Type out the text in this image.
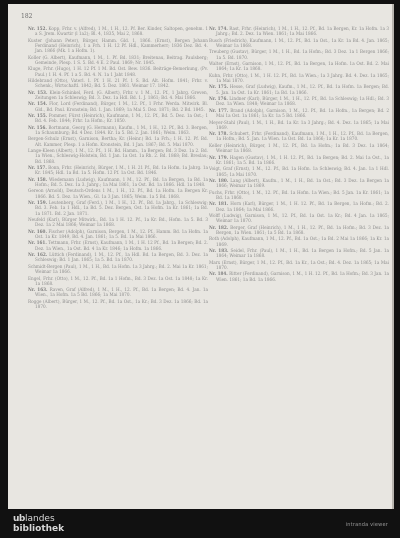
182
Nr. 152. Kopp, Frhr. v. (Alfred), 1 M., 1 H., 12. Pf. Ber. Kinder, Saltopen, genehm. 1 a S. Jrem. Kwartir (l 1a2); Bl. 4, 1835, Mai 2, 1868.
Kuster (Johann Peter), Bürger, Hamm. Gld. 1, 1866. (Ernst), Bergen Johann Ferdinand (Heinrich), 1 a Frh. 1 H. 12 Pf. Hdl., Kammerherr; 1836 Dez. Bd. 4. Jan. 1866 (Mk. 1 a Hofm. 1).
Koller (G. Albert), Kaufmann, 1 M., 1. Pf. Bd. 1831; Breitenau, Beitrag. Paulsberg; Gemeinde, Plesp. 1 S. 5. Bd. 4 E. 2 Paul. 1869; Nr. 1845.
Kluge, Frhr. (Hugo), 1 H. 12 Pf. 1 M. Bd. Ost. Bew. 1836. Beiträge-Bemerkung, (Pv. Paul.) 1 H. 4. Pf. 1 a 5. Bd. 4. N. 1a 1 Jaht 1848.
Hildebrand (Otto), Vaterl. 1. Pf. 1 H. 21 Pf. 1 S. Bd. Alt. Hofm. 1841; Frhr. v. Schenk.; Wirtschaftl. 1842; Bd. 5. Dez. 1861. Weimar 17. 1842.
Nr. 153. Klein-Schinkel, Ferd. (G. Albert), Frhr. v. 1 M., 12. Pf., 1 Jahrg. Greven, Zeitungen 1a Schleswig; Bd. 3. Dez. 1a Hdl. Bd. 1. J. 1861; Bd. 4. Mai 1866.
Nr. 154. Flor, Lord (Ferdinand), Bürger, 1 M., 12. Pf., 1 Frhr. Werda. Mitwirk. Bl. Gld., Bd. Paul. Kronstein; Bd. 1. Jan. 1869; 1a Mai 5. Dez. 1871; Bd. 2 Bd. 1845.
Nr. 155. Pommer, Fürst (Heinrich), Kaufmann, 1 M., 12. Pf., Bd. 5. Dez. 1a Ost.; 1 Bd. 4. Feb. 1844; Frhr. 1a Hofm.; Kr. 1850.
Nr. 156. Bortmann, Georg (G. Hermann), Kaufm., 1 M., 1 H., 12. Pf., Bd. 3. Bergen, 1a Schaumburg; Bd. 4 Dez. 1844. Kr. 1a 5. Bd. 2. Jan. 1861; Weim. 1863.
Bergen-Schulz (Ernst), Garnison, Bertha; Kr. (Heinr.) Bd. 1a Frh.; 1 H. 12. Pf. Bd. Alt. Kammer, Plesp. 1 a Hofm. Kronstein, Bd. 1 Jan. 1867; Bd. 5. Mai 1870.
Lange-Kleen (Albert), 1 M., 12. Pf., 1 H. Bd. Hamm., 1a Bergen; Bd. 3 Dez. 1a 2. Bd. 1a Wien., Schleswig-Holstein, Bd. 1 Jan. 1a Ost. 1a Rh. 2. Bd. 1868; Bd. Breslau; Bd. 1868.
Nr. 157. Bonn, Frhr. (Heinrich), Bürger, 1 M., 1 H. 21 Pf., Bd. 1a Hofm. 1a Jahrg. 1a Kr. 1845; Hdl. 1a Bd. 1a 5. Hofm. 12 Pf. 1a Ost. Bd. 1846.
Nr. 158. Wiedemann (Ludwig), Kaufmann, 1 M., 12. Pf., Bd. 1a Bergen, 1a Bd. 1a Hofm.; Bd. 5. Dez. 1a 3. Jahrg.; 1a Mai 1861, 1a Ost. Bd. 1a 1866. Hdl. 1a 1848.
Gereon (Arnold), Deutsch-Ordens 1 M., 1 H., 12. Pf., Bd. 1a Hofm. 1a Bergen Kr. 1866. Bd. 5. Dez. 1a Wien., Gl. 1a 3 Jan. 1865; Weim. 1a 5 Bd. 1868.
Nr. 159. Leutenberg, Graf (Ferd.), 1 M., 1 H., 12. Pf., Bd. 1a Jahrg., 1a Schleswig; Bd. 3. Feb. 1a 1 Hdl., 1a Bd. 5. Dez. Bergen, Ost. 1a Hofm. 1a Kr. 1861; 1a Bd. 1a 1871. Bd. 2 Jan. 1871.
Neufeld (Karl), Bürger Mitwirk., Bd. 1a 1 H. 12. Pf., 1a Kr. Bd., Hofm. 1a 5. Bd. 3 Dez. 1a 2 Mai 1866; Weimar 1a 1868.
Nr. 160. Fischer (Adolph), Garnison, Bergen, 1 M., 12. Pf., Hamm. Bd. 1a Hofm. 1a Ost. 1a Kr. 1849, Bd. 4. Jan. 1861; 1a 5. Bd. 1a Mai 1866.
Nr. 161. Tettmann, Frhr. (Ernst), Kaufmann, 1 M., 1 H. 12 Pf., Bd. 1a Bergen; Bd. 2. Dez. 1a Wien., 1a Ost. Bd. 4 1a Kr. 1846; 1a Hofm. 1a 1866.
Nr. 162. Lüttich (Ferdinand), 1 M., 12. Pf., 1a Hdl. Bd. 1a Bergen, Bd. 3. Dez. 1a Schleswig; Bd. 1 Jan. 1865; 1a 5. Bd. 1a 1870.
Schmidt-Bergen (Paul), 1 M., 1 H., Bd. 1a Hofm. 1a 3 Jahrg.; Bd. 2. Mai 1a Kr. 1861; Weimar 1a 1866.
Engel, Frhr. (Otto), 1 M., 12. Pf., Bd. 1a 1 Hofm., Bd. 3 Dez. 1a Ost. 1a 1848; 1a Kr. 1a 1868.
Nr. 163. Raven, Graf (Alfred), 1 M., 1 H., 12. Pf., Bd. 1a Bergen; Bd. 4. Jan. 1a Wien., 1a Hofm. 1a 5 Bd. 1866; 1a Mai 1870.
Rogge (Albert), Bürger, 1 M., 12. Pf., Bd. 1a Ost., 1a Kr.; Bd. 3 Dez. 1a 1866; Bd. 1a 1870.
Nr. 174. Rast, Frhr. (Heinrich), 1 M., 1 H., 12. Pf., Bd. 1a Bergen, Kr. 1a Hofm. 1a 3 Jahrg.; Bd. 2. Dez. 1a Wien. 1861; 1a Mai 1866.
Busch (Friedrich), Kaufmann, 1 M., 12. Pf., Bd. 1a Ost., 1a Kr. 1a Bd. 4. Jan. 1865; Weimar 1a 1868.
Treuberg (Gustav), Bürger, 1 M., 1 H., Bd. 1a Hofm.; Bd. 3 Dez. 1a 1 Bergen 1866; 1a 5. Bd. 1870.
Walter (Ernst), Garnison, 1 M., 12. Pf., Bd. 1a Bergen, 1a Hofm. 1a Ost. Bd. 2. Mai 1864; 1a Kr. 1a 1868.
Kuhn, Frhr. (Otto), 1 M., 1 H. 12. Pf., Bd. 1a Wien.; 1a 3 Jahrg. Bd. 4. Dez. 1a 1865; 1a Mai 1870.
Nr. 175. Hesse, Graf (Ludwig), Kaufm., 1 M., 12. Pf., Bd. 1a Hofm. 1a Bergen; Bd. 5. Jan. 1a Ost. 1a Kr. 1861; 1a Bd. 1a 1866.
Nr. 176. Lindner (Karl), Bürger, 1 M., 1 H., 12. Pf., Bd. 1a Schleswig; 1a Hdl.; Bd. 3 Dez. 1a Wien. 1848; Weimar 1a 1868.
Nr. 177. Brand (Adolph), Garnison, 1 M., 12. Pf., Bd. 1a Hofm., 1a Bergen; Bd. 2 Mai 1a Ost. 1a 1861; 1a Kr. 1a 5 Bd. 1866.
Meyer-Stahl (Paul), 1 M., 1 H., Bd. 1a Kr. 1a 3 Jahrg.; Bd. 4. Dez. 1a 1865; 1a Mai 1869.
Nr. 178. Schubert, Frhr. (Ferdinand), Kaufmann, 1 M., 1 H., 12. Pf., Bd. 1a Bergen, 1a Hofm.; Bd. 5. Jan. 1a Wien. 1a Ost. Bd. 1a 1866; 1a Kr. 1a 1870.
Keller (Heinrich), Bürger, 1 M., 12. Pf., Bd. 1a Hofm.; 1a Bd. 3 Dez. 1a 1864; Weimar 1a 1868.
Nr. 179. Hagen (Gustav), 1 M., 1 H. 12. Pf., Bd. 1a Bergen; Bd. 2. Mai 1a Ost., 1a Kr. 1861; 1a 5. Bd. 1a 1866.
Voigt, Graf (Ernst), 1 M., 12. Pf., Bd. 1a Hofm. 1a Schleswig; Bd. 4. Jan. 1a 1 Hdl. 1865; 1a Mai 1870.
Nr. 180. Lang (Albert), Kaufm., 1 M., 1 H., Bd. 1a Ost.; Bd. 3 Dez. 1a Bergen 1a 1866; Weimar 1a 1869.
Fuchs, Frhr. (Otto), 1 M., 12. Pf., Bd. 1a Hofm. 1a Wien.; Bd. 5 Jan. 1a Kr. 1861; 1a Bd. 1a 1868.
Nr. 181. Horn (Karl), Bürger, 1 M., 1 H. 12. Pf., Bd. 1a Bergen, 1a Hofm.; Bd. 2. Dez. 1a 1864; 1a Mai 1866.
Wolff (Ludwig), Garnison, 1 M., 12. Pf., Bd. 1a Ost. 1a Kr.; Bd. 4 Jan. 1a 1865; Weimar 1a 1870.
Nr. 182. Berger, Graf (Heinrich), 1 M., 1 H., 12. Pf., Bd. 1a Hofm.; Bd. 3 Dez. 1a Bergen, 1a Wien. 1861; 1a 5 Bd. 1a 1868.
Roth (Adolph), Kaufmann, 1 M., 12. Pf., Bd. 1a Ost.; 1a Bd. 2 Mai 1a 1866; 1a Kr. 1a 1869.
Nr. 183. Seidel, Frhr. (Paul), 1 M., 1 H., Bd. 1a Bergen 1a Hofm.; Bd. 5 Jan. 1a 1864; Weimar 1a 1868.
Marx (Ernst), Bürger, 1 M., 12. Pf., Bd. 1a Kr., 1a Ost.; Bd. 4. Dez. 1a 1865; 1a Mai 1870.
Nr. 184. Ritter (Ferdinand), Garnison, 1 M., 1 H. 12. Pf., Bd. 1a Hofm.; Bd. 3 Jan. 1a Wien. 1861; 1a Bd. 1a 1866.
ub landes
bibliothek	intranda viewer
